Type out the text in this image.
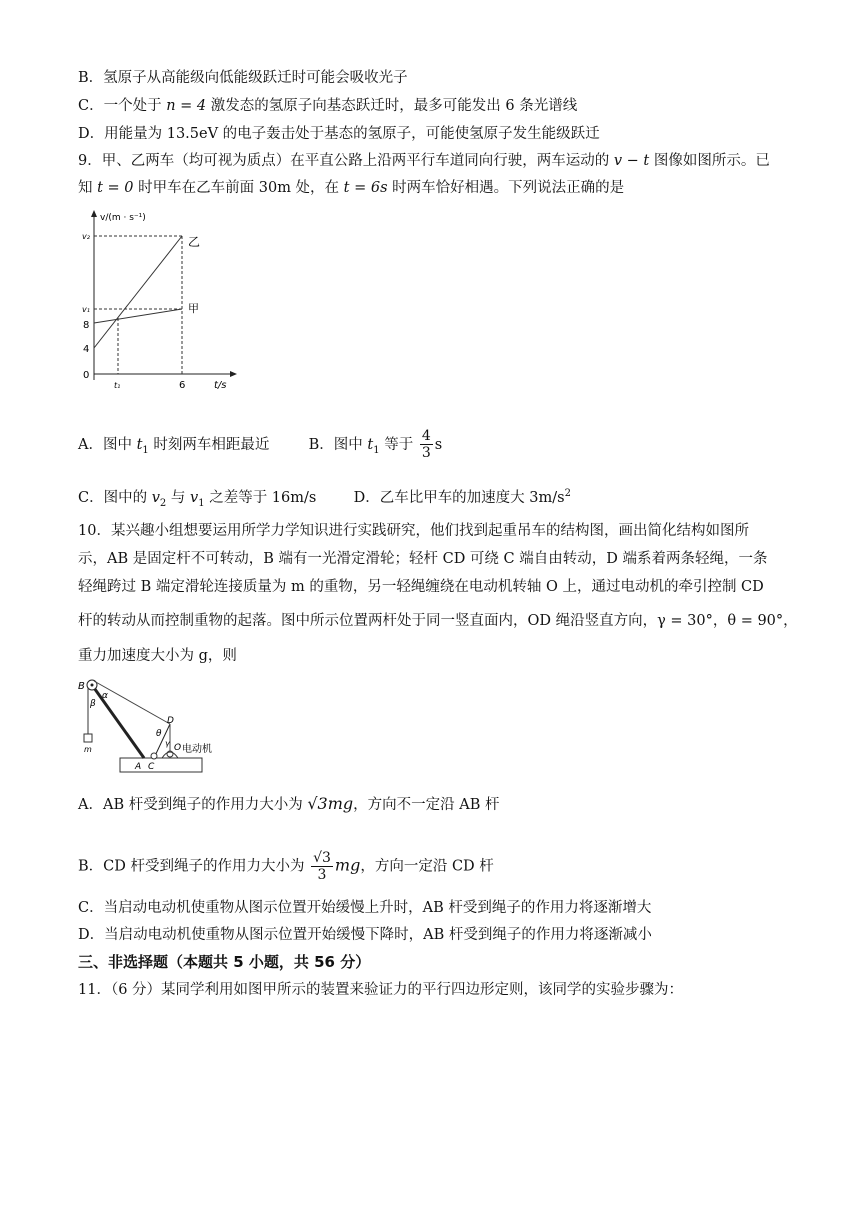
B．氢原子从高能级向低能级跃迁时可能会吸收光子
C．一个处于 n = 4 激发态的氢原子向基态跃迁时，最多可能发出 6 条光谱线
D．用能量为 13.5eV 的电子轰击处于基态的氢原子，可能使氢原子发生能级跃迁
9．甲、乙两车（均可视为质点）在平直公路上沿两平行车道同向行驶，两车运动的 v − t 图像如图所示。已
知 t = 0 时甲车在乙车前面 30m 处，在 t = 6s 时两车恰好相遇。下列说法正确的是
v/(m · s⁻¹)
t/s
v₂
v₁
8
4
0
t₁	6
乙
甲
A．图中 $t_1$ 时刻两车相距最近	B．图中 $t_1$ 等于 $\frac{4}{3}$ s
C．图中的 $v_2$ 与 $v_1$ 之差等于 16m/s	D．乙车比甲车的加速度大 $3m/s^2$
10．某兴趣小组想要运用所学力学知识进行实践研究，他们找到起重吊车的结构图，画出简化结构如图所
示，AB 是固定杆不可转动，B 端有一光滑定滑轮；轻杆 CD 可绕 C 端自由转动，D 端系着两条轻绳，一条
轻绳跨过 B 端定滑轮连接质量为 m 的重物，另一轻绳缠绕在电动机转轴 O 上，通过电动机的牵引控制 CD
杆的转动从而控制重物的起落。图中所示位置两杆处于同一竖直面内，OD 绳沿竖直方向，γ = 30°，θ = 90°，
重力加速度大小为 g，则
B
α
β
m
D
θ
γ O 电动机
A C
A．AB 杆受到绳子的作用力大小为 √3mg，方向不一定沿 AB 杆
B．CD 杆受到绳子的作用力大小为 $\frac{√3}{3}$ mg，方向一定沿 CD 杆
C．当启动电动机使重物从图示位置开始缓慢上升时，AB 杆受到绳子的作用力将逐渐增大
D．当启动电动机使重物从图示位置开始缓慢下降时，AB 杆受到绳子的作用力将逐渐减小
三、非选择题（本题共 5 小题，共 56 分）
11．（6 分）某同学利用如图甲所示的装置来验证力的平行四边形定则，该同学的实验步骤为：
